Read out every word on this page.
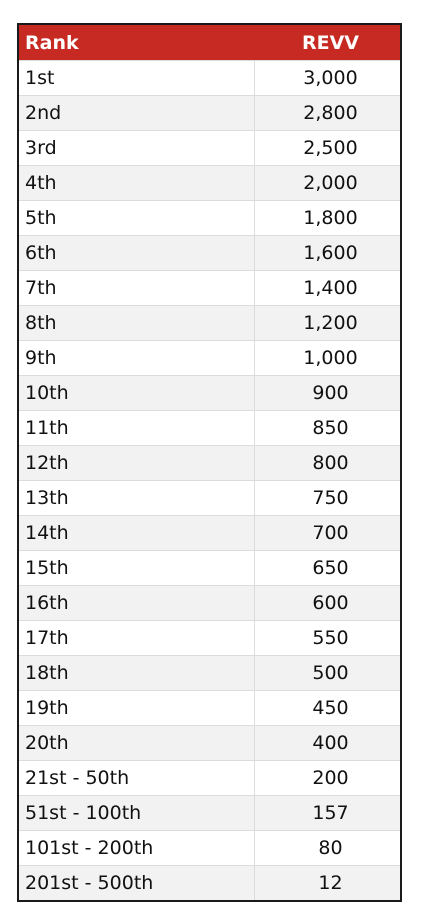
Rank	REVV
1st	3,000
2nd	2,800
3rd	2,500
4th	2,000
5th	1,800
6th	1,600
7th	1,400
8th	1,200
9th	1,000
10th	900
11th	850
12th	800
13th	750
14th	700
15th	650
16th	600
17th	550
18th	500
19th	450
20th	400
21st - 50th	200
51st - 100th	157
101st - 200th	80
201st - 500th	12
